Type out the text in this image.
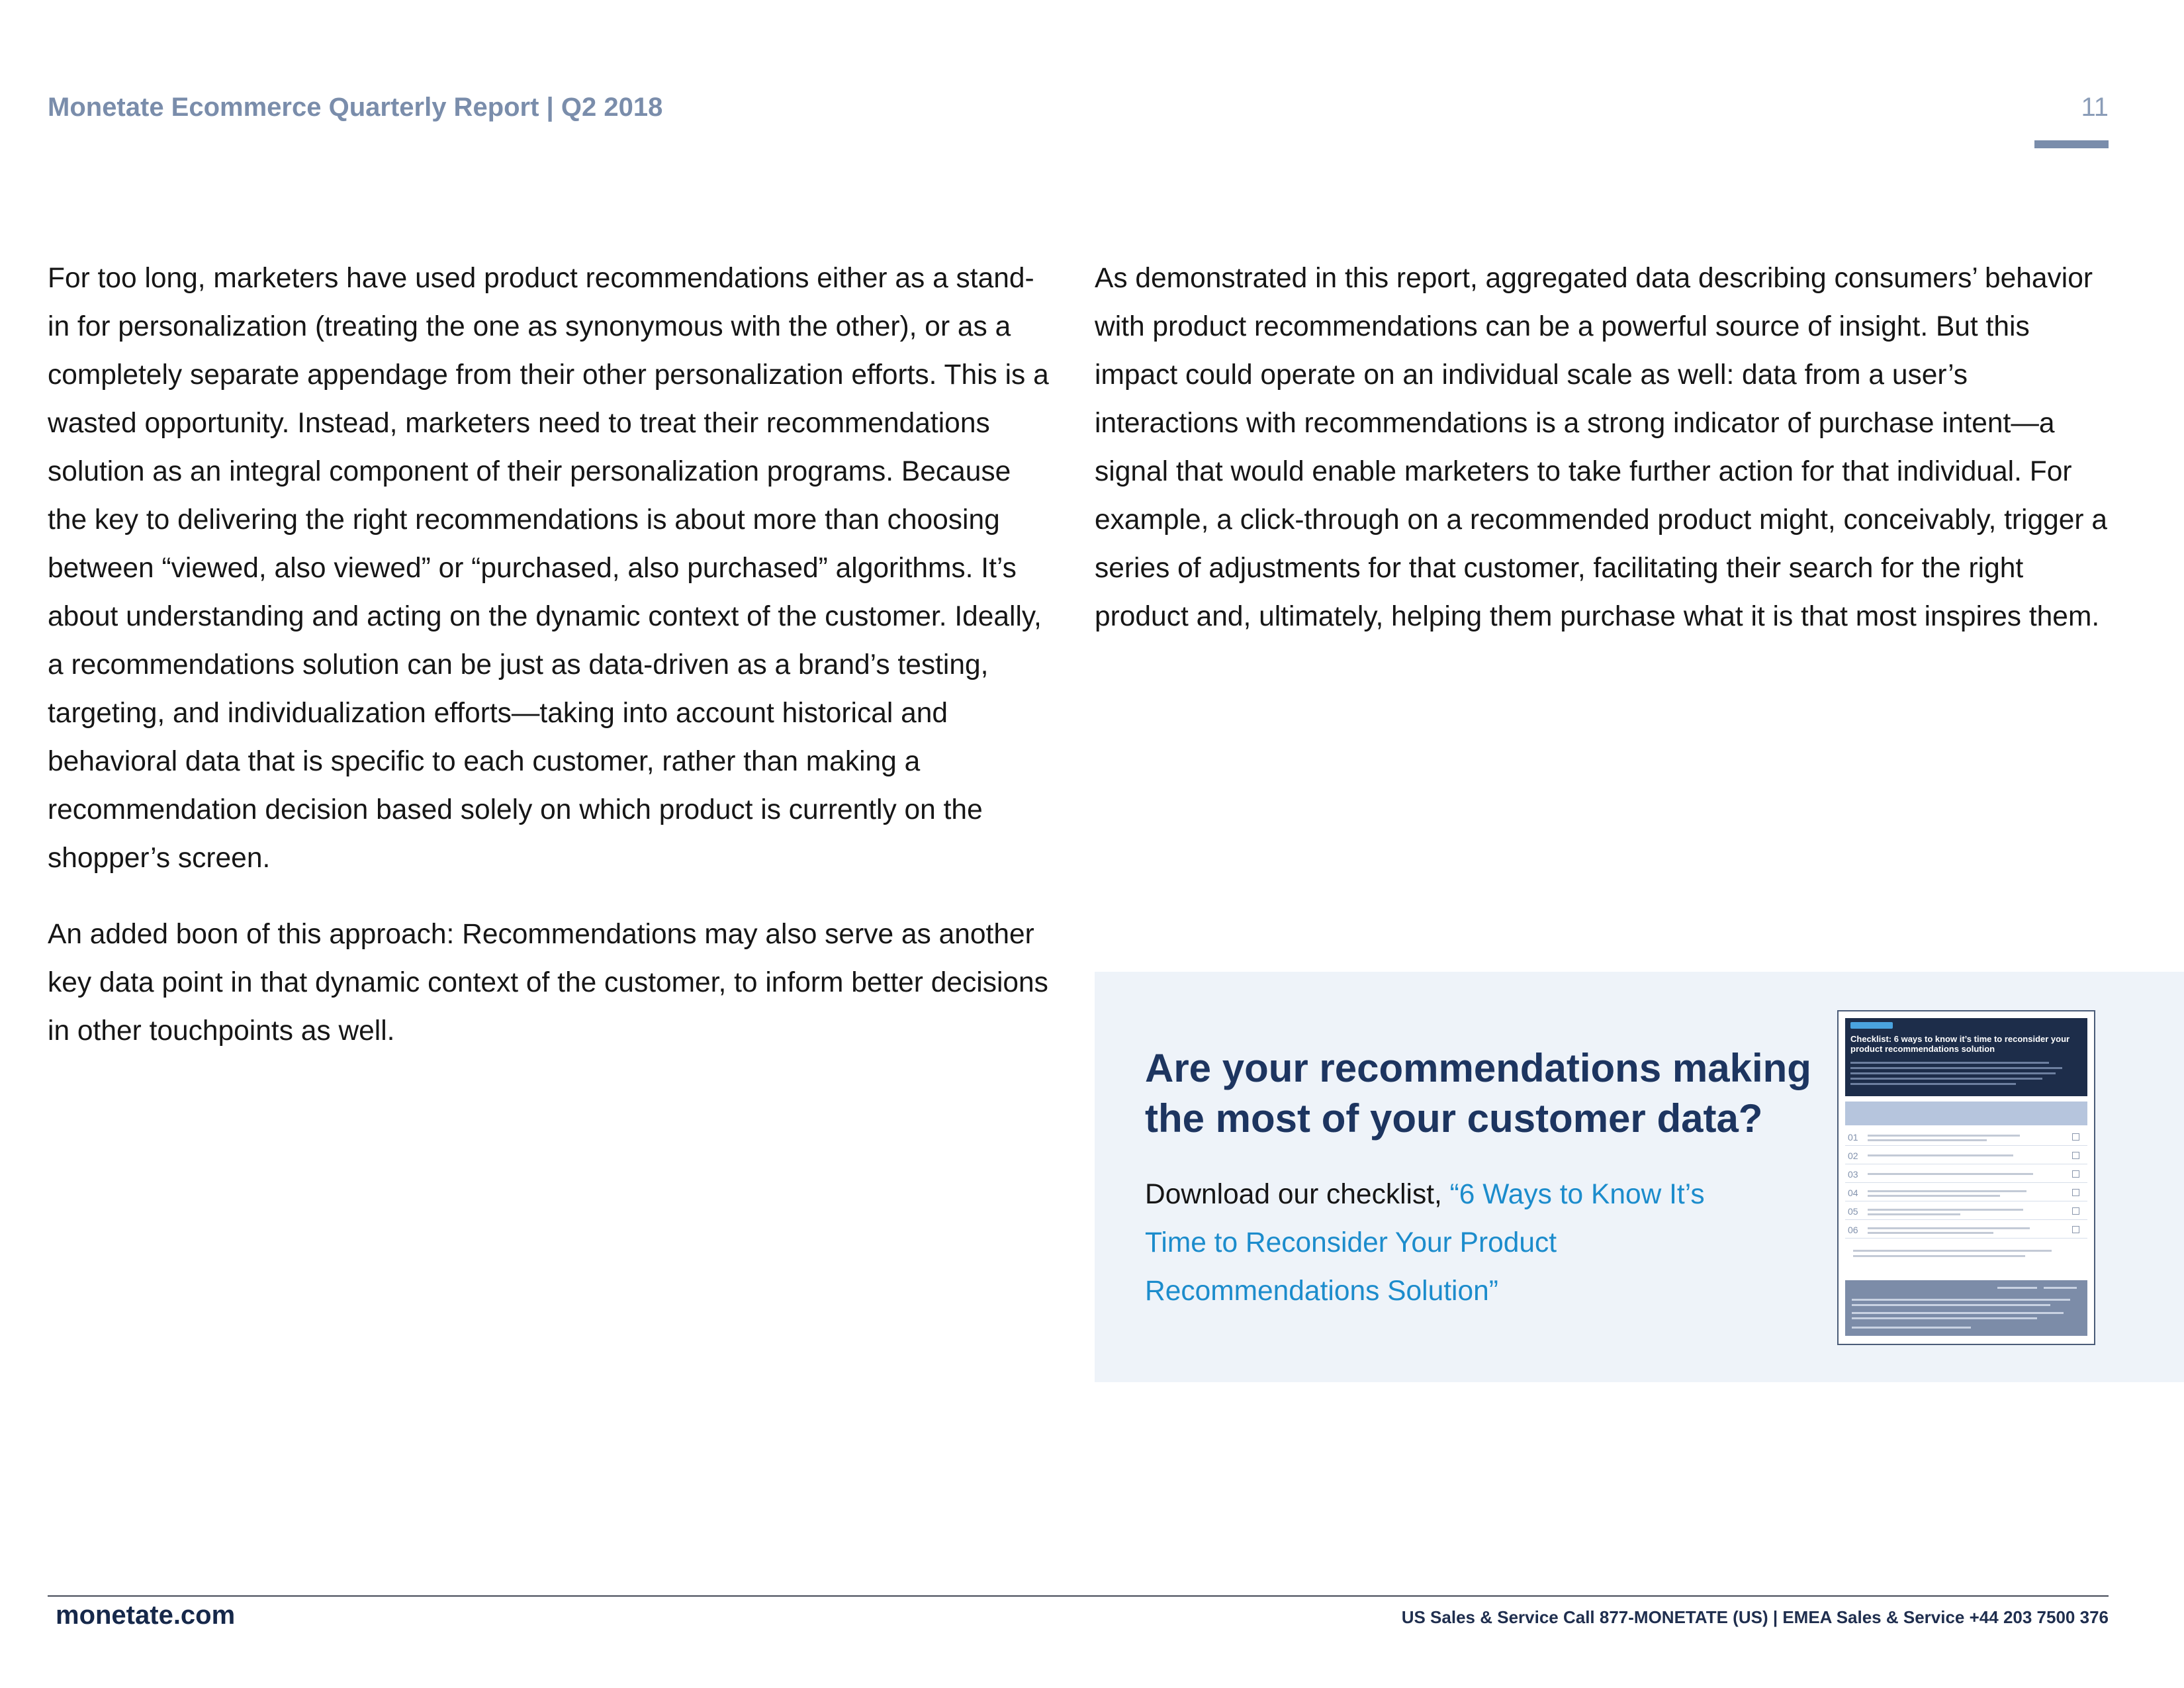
Monetate Ecommerce Quarterly Report | Q2 2018	11

For too long, marketers have used product recommendations either as a stand-in for personalization (treating the one as synonymous with the other), or as a completely separate appendage from their other personalization efforts. This is a wasted opportunity. Instead, marketers need to treat their recommendations solution as an integral component of their personalization programs. Because the key to delivering the right recommendations is about more than choosing between “viewed, also viewed” or “purchased, also purchased” algorithms. It’s about understanding and acting on the dynamic context of the customer. Ideally, a recommendations solution can be just as data-driven as a brand’s testing, targeting, and individualization efforts—taking into account historical and behavioral data that is specific to each customer, rather than making a recommendation decision based solely on which product is currently on the shopper’s screen.

An added boon of this approach: Recommendations may also serve as another key data point in that dynamic context of the customer, to inform better decisions in other touchpoints as well.

As demonstrated in this report, aggregated data describing consumers’ behavior with product recommendations can be a powerful source of insight. But this impact could operate on an individual scale as well: data from a user’s interactions with recommendations is a strong indicator of purchase intent—a signal that would enable marketers to take further action for that individual. For example, a click-through on a recommended product might, conceivably, trigger a series of adjustments for that customer, facilitating their search for the right product and, ultimately, helping them purchase what it is that most inspires them.

Are your recommendations making the most of your customer data?

Download our checklist, “6 Ways to Know It’s Time to Reconsider Your Product Recommendations Solution”

Checklist: 6 ways to know it’s time to reconsider your product recommendations solution
01
02
03
04
05
06
monetate.com	US Sales & Service Call 877-MONETATE (US) | EMEA Sales & Service +44 203 7500 376
